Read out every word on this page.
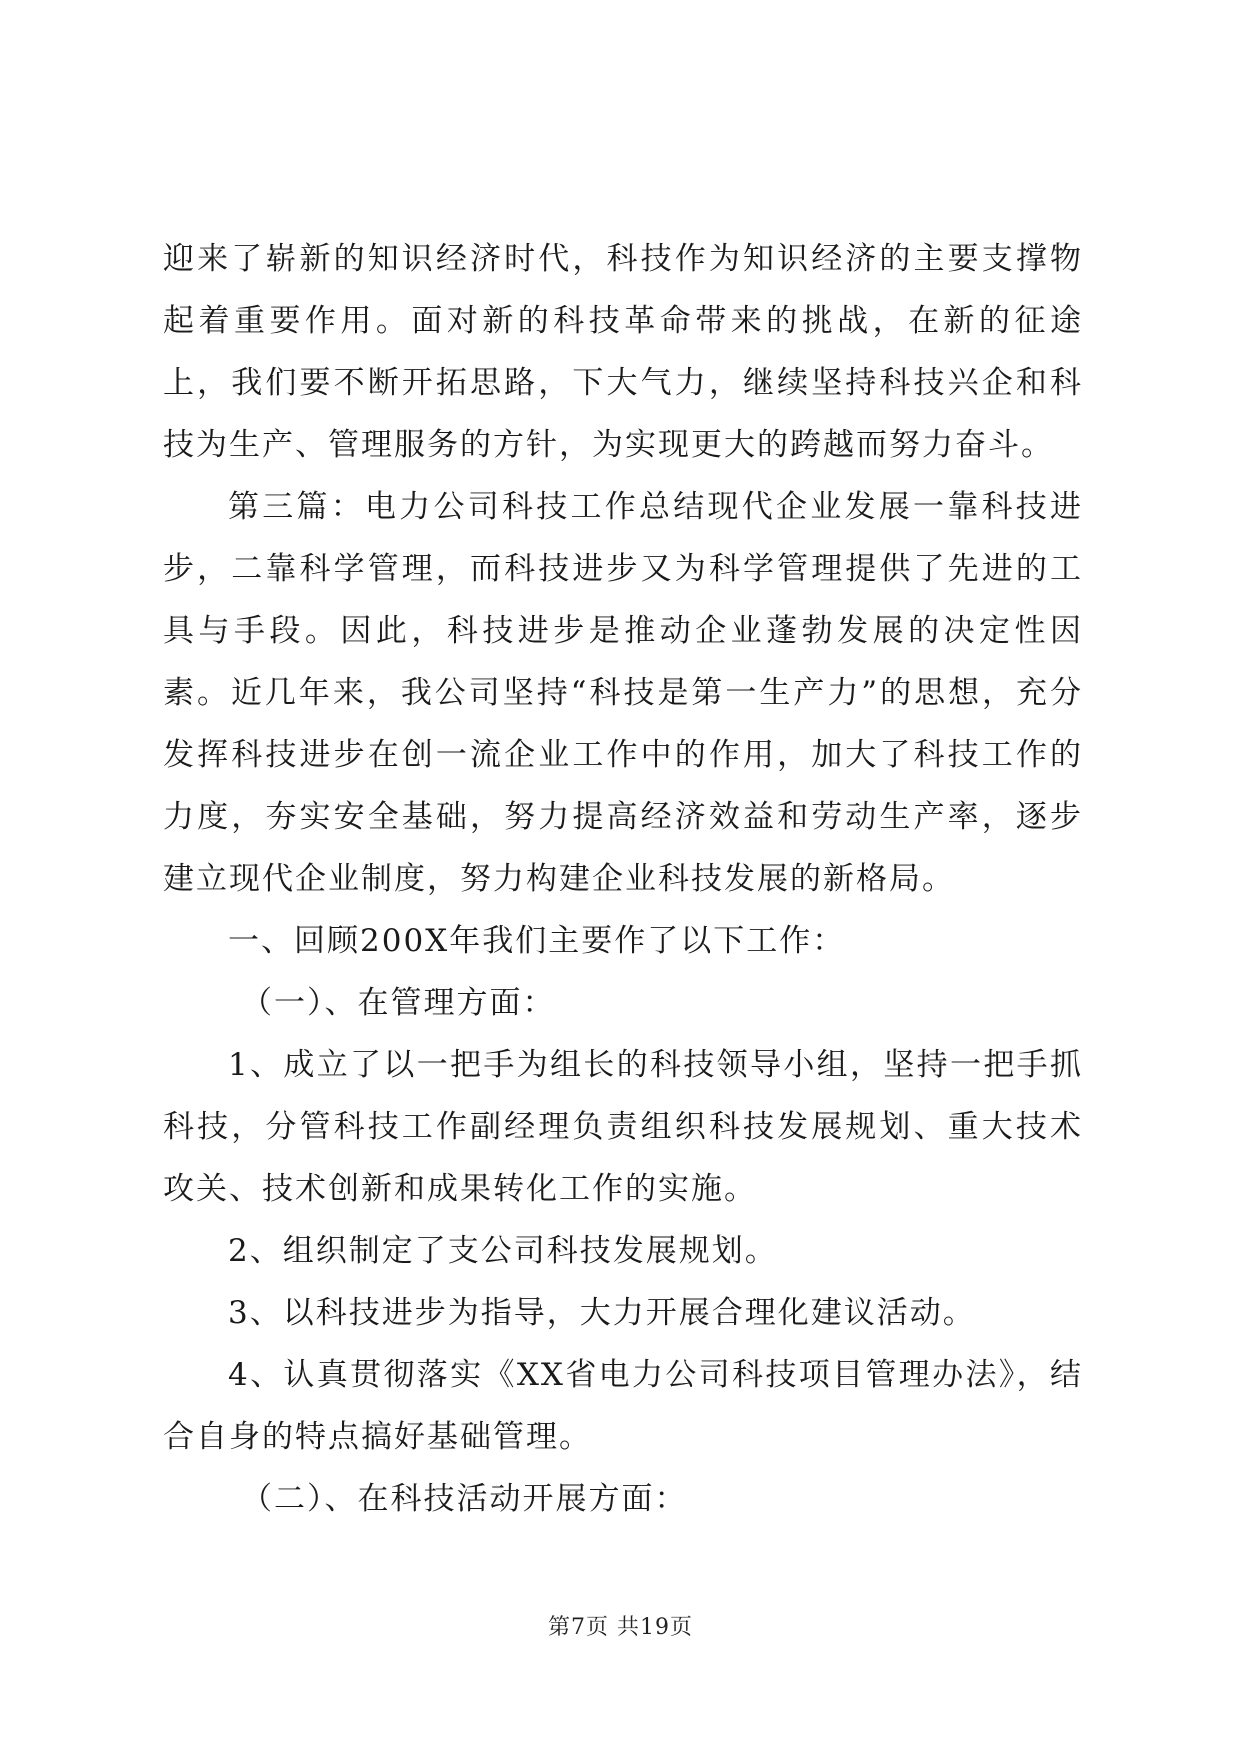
迎来了崭新的知识经济时代，科技作为知识经济的主要支撑物起着重要作用。面对新的科技革命带来的挑战，在新的征途上，我们要不断开拓思路，下大气力，继续坚持科技兴企和科技为生产、管理服务的方针，为实现更大的跨越而努力奋斗。

第三篇：电力公司科技工作总结现代企业发展一靠科技进步，二靠科学管理，而科技进步又为科学管理提供了先进的工具与手段。因此，科技进步是推动企业蓬勃发展的决定性因素。近几年来，我公司坚持“科技是第一生产力”的思想，充分发挥科技进步在创一流企业工作中的作用，加大了科技工作的力度，夯实安全基础，努力提高经济效益和劳动生产率，逐步建立现代企业制度，努力构建企业科技发展的新格局。

一、回顾200X年我们主要作了以下工作：

（一）、在管理方面：

1、成立了以一把手为组长的科技领导小组，坚持一把手抓科技，分管科技工作副经理负责组织科技发展规划、重大技术攻关、技术创新和成果转化工作的实施。

2、组织制定了支公司科技发展规划。

3、以科技进步为指导，大力开展合理化建议活动。

4、认真贯彻落实《XX省电力公司科技项目管理办法》，结合自身的特点搞好基础管理。

（二）、在科技活动开展方面：

第7页 共19页
